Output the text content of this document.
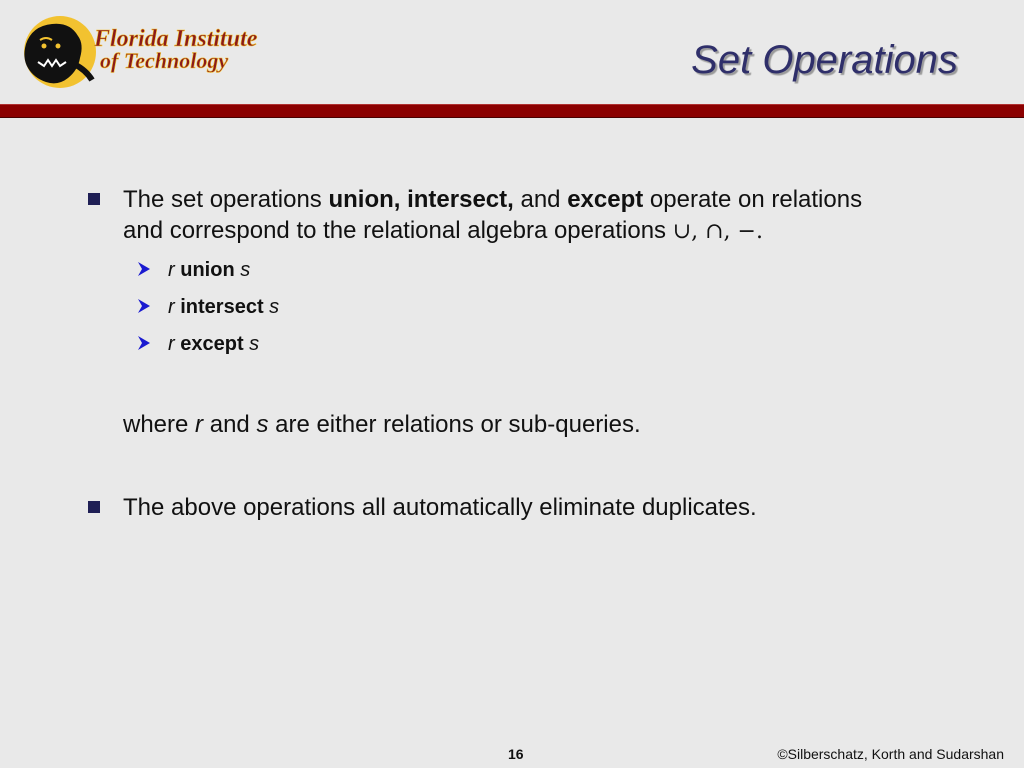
Florida Institute
of Technology	Set Operations

The set operations union, intersect, and except operate on relations
and correspond to the relational algebra operations ∪, ∩, −.

r union s
r intersect s
r except s

where r and s are either relations or sub-queries.

The above operations all automatically eliminate duplicates.

16	©Silberschatz, Korth and Sudarshan
